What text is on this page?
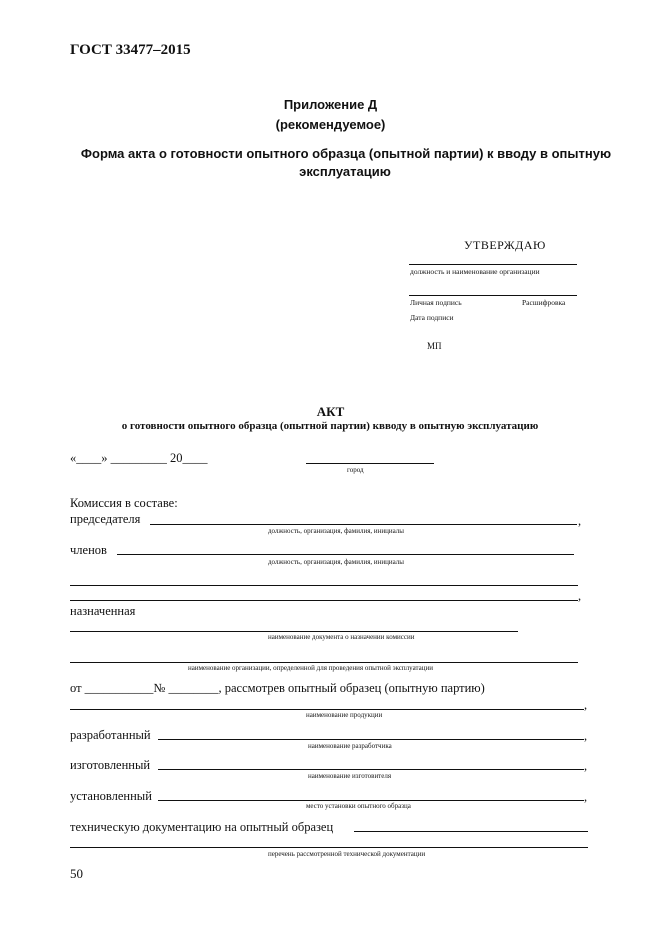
ГОСТ 33477–2015
Приложение Д
(рекомендуемое)
Форма акта о готовности опытного образца (опытной партии) к вводу в опытную
эксплуатацию
УТВЕРЖДАЮ
должность и наименование организации
Личная подпись	Расшифровка
Дата подписи
МП
АКТ
о готовности опытного образца (опытной партии) квводу в опытную эксплуатацию
«____» _________ 20____
город
Комиссия в составе:
председателя	,
должность, организация, фамилия, инициалы
членов
должность, организация, фамилия, инициалы
,
назначенная
наименование документа о назначении комиссии
наименование организации, определенной для проведения опытной эксплуатации
от ___________№ ________, рассмотрев опытный образец (опытную партию)
,
наименование продукции
разработанный	,
наименование разработчика
изготовленный	,
наименование изготовителя
установленный	,
место установки опытного образца
техническую документацию на опытный образец
перечень рассмотренной технической документации
50
